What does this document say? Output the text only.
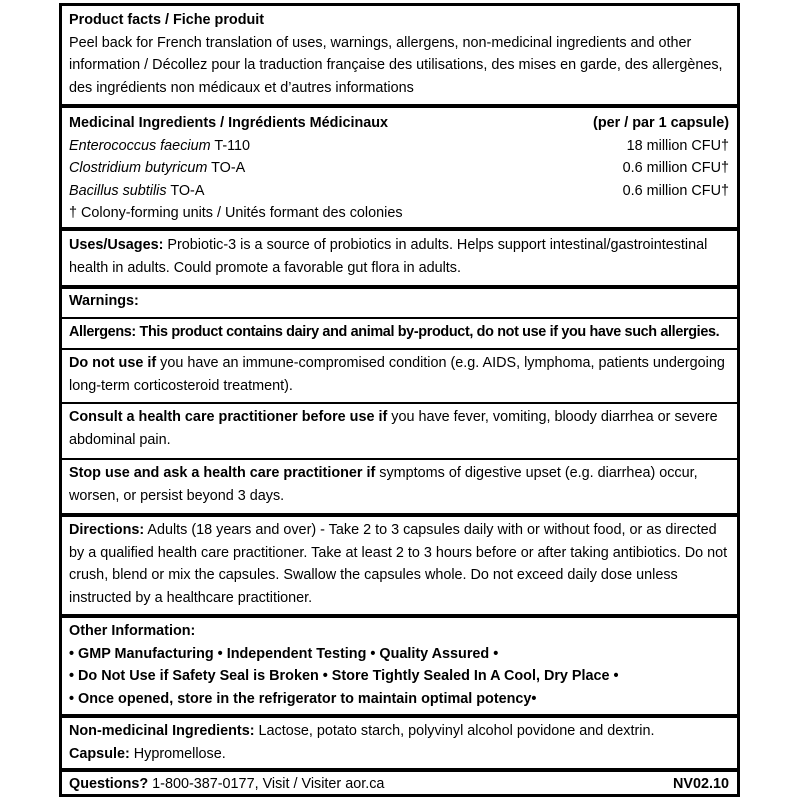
Product facts / Fiche produit
Peel back for French translation of uses, warnings, allergens, non-medicinal ingredients and other information / Décollez pour la traduction française des utilisations, des mises en garde, des allergènes, des ingrédients non médicaux et d’autres informations
Medicinal Ingredients / Ingrédients Médicinaux	(per / par 1 capsule)
Enterococcus faecium T-110	18 million CFU†
Clostridium butyricum TO-A	0.6 million CFU†
Bacillus subtilis TO-A	0.6 million CFU†
† Colony-forming units / Unités formant des colonies
Uses/Usages: Probiotic-3 is a source of probiotics in adults. Helps support intestinal/gastrointestinal health in adults. Could promote a favorable gut flora in adults.
Warnings:
Allergens: This product contains dairy and animal by-product, do not use if you have such allergies.
Do not use if you have an immune-compromised condition (e.g. AIDS, lymphoma, patients undergoing long-term corticosteroid treatment).
Consult a health care practitioner before use if you have fever, vomiting, bloody diarrhea or severe abdominal pain.
Stop use and ask a health care practitioner if symptoms of digestive upset (e.g. diarrhea) occur, worsen, or persist beyond 3 days.
Directions: Adults (18 years and over) - Take 2 to 3 capsules daily with or without food, or as directed by a qualified health care practitioner. Take at least 2 to 3 hours before or after taking antibiotics. Do not crush, blend or mix the capsules. Swallow the capsules whole. Do not exceed daily dose unless instructed by a healthcare practitioner.
Other Information:
• GMP Manufacturing • Independent Testing • Quality Assured •
• Do Not Use if Safety Seal is Broken • Store Tightly Sealed In A Cool, Dry Place •
• Once opened, store in the refrigerator to maintain optimal potency•
Non-medicinal Ingredients: Lactose, potato starch, polyvinyl alcohol povidone and dextrin.
Capsule: Hypromellose.
Questions? 1-800-387-0177, Visit / Visiter aor.ca	NV02.10
